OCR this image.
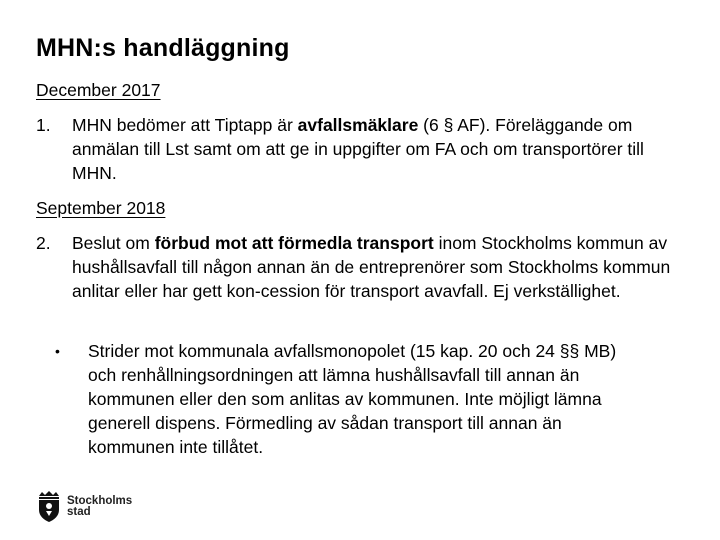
MHN:s handläggning
December 2017
1.	MHN bedömer att Tiptapp är avfallsmäklare (6 § AF). Föreläggande om anmälan till Lst samt om att ge in uppgifter om FA och om transportörer till MHN.
September 2018
2.	Beslut om förbud mot att förmedla transport inom Stockholms kommun av hushållsavfall till någon annan än de entreprenörer som Stockholms kommun anlitar eller har gett kon-cession för transport avavfall. Ej verkställighet.
•	Strider mot kommunala avfallsmonopolet (15 kap. 20 och 24 §§ MB) och renhållningsordningen att lämna hushållsavfall till annan än kommunen eller den som anlitas av kommunen. Inte möjligt lämna generell dispens. Förmedling av sådan transport till annan än kommunen inte tillåtet.
Stockholms
stad
